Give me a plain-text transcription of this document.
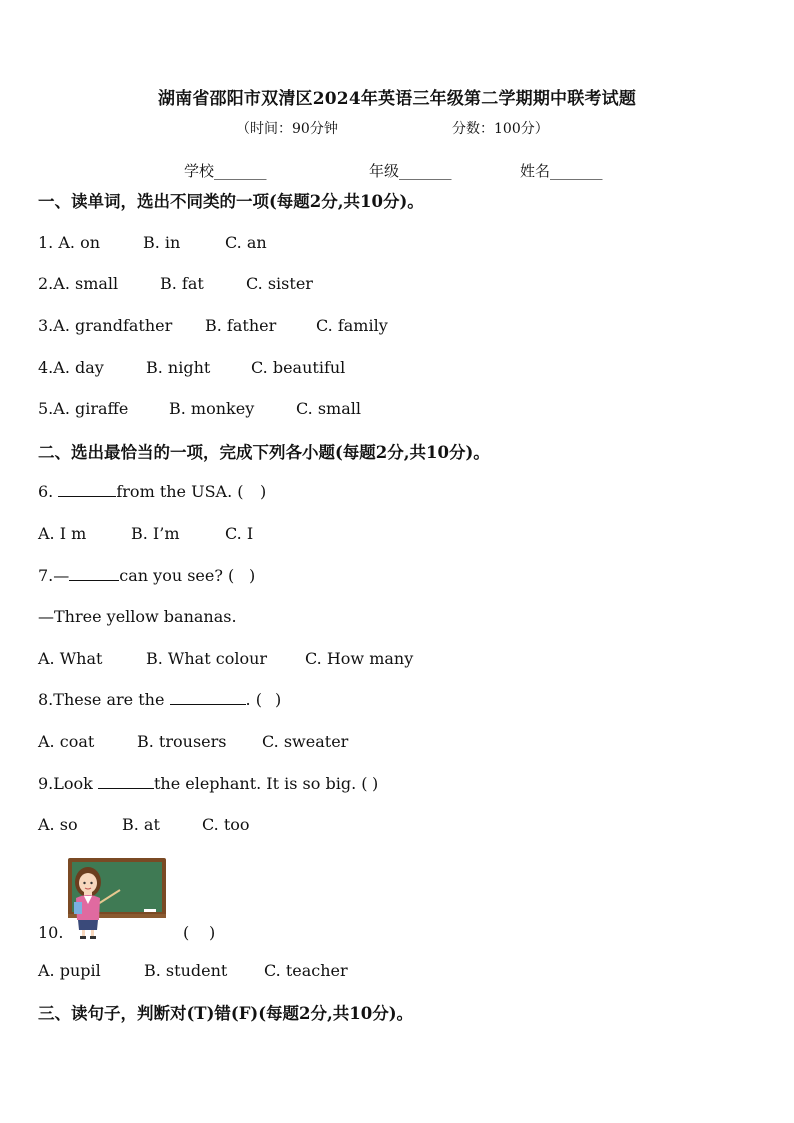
湖南省邵阳市双清区2024年英语三年级第二学期期中联考试题
（时间：90分钟	分数：100分）
学校_______	年级_______	姓名_______
一、读单词，选出不同类的一项(每题2分,共10分)。
1. A. on	B. in	C. an
2.A. small	B. fat	C. sister
3.A. grandfather B. father C. family
4.A. day	B. night	C. beautiful
5.A. giraffe	B. monkey	C. small
二、选出最恰当的一项，完成下列各小题(每题2分,共10分)。
6.	from the USA. ( )
A. I m	B. I’m	C. I
7.—	can you see? ( )
—Three yellow bananas.
A. What	B. What colour C. How many
8.These are the	. ( )
A. coat	B. trousers C. sweater
9.Look	the elephant. It is so big. ( )
A. so	B. at	C. too
10.	( )
A. pupil	B. student C. teacher
三、读句子，判断对(T)错(F)(每题2分,共10分)。
